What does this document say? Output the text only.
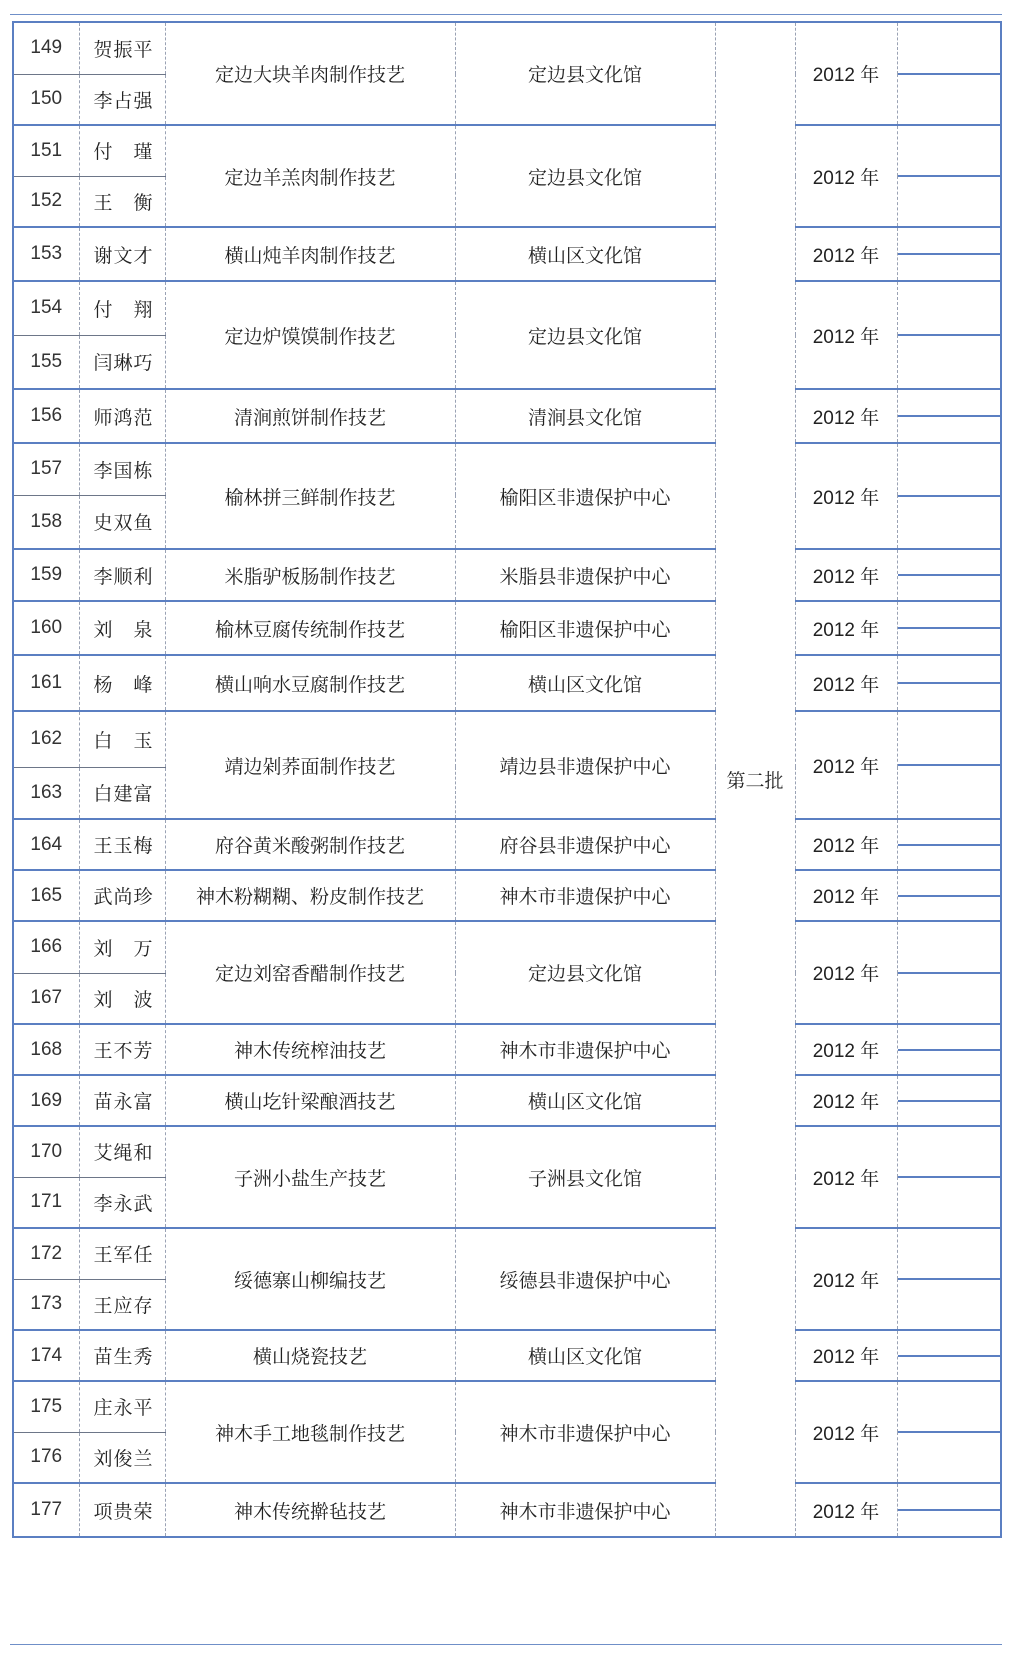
149	贺振平	定边大块羊肉制作技艺	定边县文化馆	第二批	2012 年	

150	李占强					
151	付　瑾	定边羊羔肉制作技艺	定边县文化馆		2012 年	

152	王　衡					
153	谢文才	横山炖羊肉制作技艺	横山区文化馆		2012 年	

154	付　翔	定边炉馍馍制作技艺	定边县文化馆		2012 年	

155	闫琳巧					
156	师鸿范	清涧煎饼制作技艺	清涧县文化馆		2012 年	

157	李国栋	榆林拼三鲜制作技艺	榆阳区非遗保护中心		2012 年	

158	史双鱼					
159	李顺利	米脂驴板肠制作技艺	米脂县非遗保护中心		2012 年	

160	刘　泉	榆林豆腐传统制作技艺	榆阳区非遗保护中心		2012 年	

161	杨　峰	横山响水豆腐制作技艺	横山区文化馆		2012 年	

162	白　玉	靖边剁荞面制作技艺	靖边县非遗保护中心		2012 年	

163	白建富					
164	王玉梅	府谷黄米酸粥制作技艺	府谷县非遗保护中心		2012 年	

165	武尚珍	神木粉糊糊、粉皮制作技艺	神木市非遗保护中心		2012 年	

166	刘　万	定边刘窑香醋制作技艺	定边县文化馆		2012 年	

167	刘　波					
168	王不芳	神木传统榨油技艺	神木市非遗保护中心		2012 年	

169	苗永富	横山圪针梁酿酒技艺	横山区文化馆		2012 年	

170	艾绳和	子洲小盐生产技艺	子洲县文化馆		2012 年	

171	李永武					
172	王军任	绥德寨山柳编技艺	绥德县非遗保护中心		2012 年	

173	王应存					
174	苗生秀	横山烧瓷技艺	横山区文化馆		2012 年	

175	庄永平	神木手工地毯制作技艺	神木市非遗保护中心		2012 年	

176	刘俊兰					
177	项贵荣	神木传统擀毡技艺	神木市非遗保护中心		2012 年	
